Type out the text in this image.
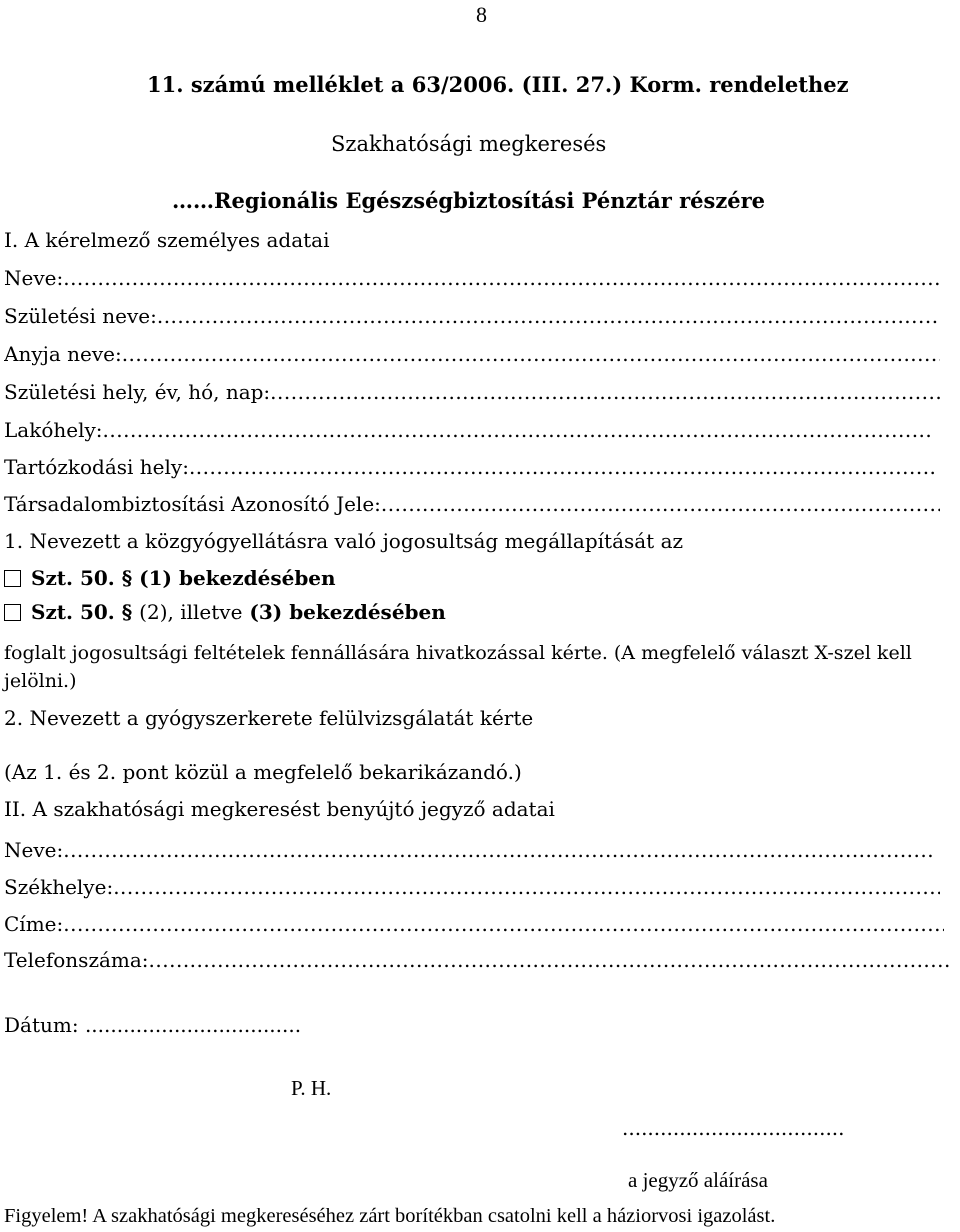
8
11. számú melléklet a 63/2006. (III. 27.) Korm. rendelethez
Szakhatósági megkeresés
……Regionális Egészségbiztosítási Pénztár részére
I. A kérelmező személyes adatai
Neve:
.....
Születési neve:
.....
Anyja neve:
.....
Születési hely, év, hó, nap:
.....
Lakóhely:
.....
Tartózkodási hely:
.....
Társadalombiztosítási Azonosító Jele:
.....
1. Nevezett a közgyógyellátásra való jogosultság megállapítását az
Szt. 50. § (1) bekezdésében
Szt. 50. § (2), illetve (3) bekezdésében
foglalt jogosultsági feltételek fennállására hivatkozással kérte. (A megfelelő választ X-szel kell
jelölni.)
2. Nevezett a gyógyszerkerete felülvizsgálatát kérte
(Az 1. és 2. pont közül a megfelelő bekarikázandó.)
II. A szakhatósági megkeresést benyújtó jegyző adatai
Neve:
.....
Székhelye:
.....
Címe:
.....
Telefonszáma:
.....
Dátum: ..................................
P. H.
...................................
a jegyző aláírása
Figyelem! A szakhatósági megkereséséhez zárt borítékban csatolni kell a háziorvosi igazolást.
